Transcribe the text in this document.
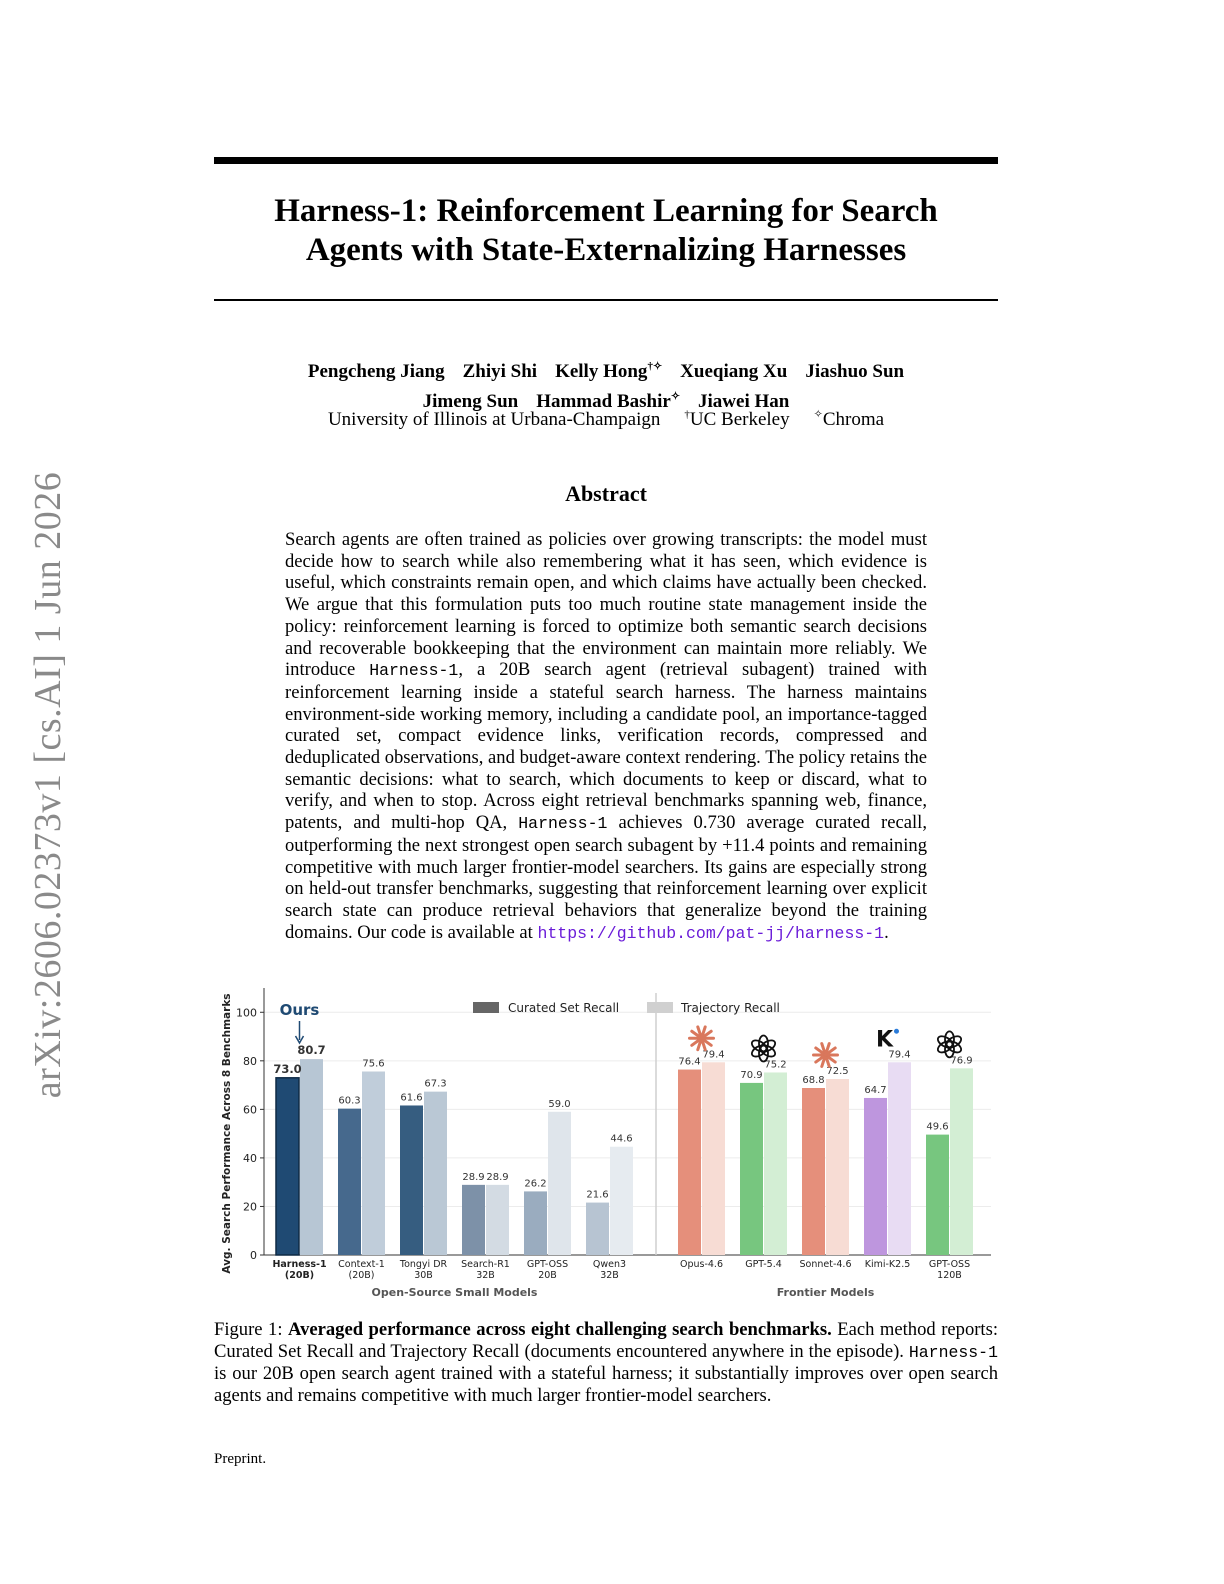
arXiv:2606.02373v1 [cs.AI] 1 Jun 2026
Harness-1: Reinforcement Learning for Search
Agents with State-Externalizing Harnesses
Pengcheng Jiang Zhiyi Shi Kelly Hong†✧ Xueqiang Xu Jiashuo Sun
Jimeng Sun Hammad Bashir✧ Jiawei Han
University of Illinois at Urbana-Champaign †UC Berkeley ✧Chroma
Abstract
Search agents are often trained as policies over growing transcripts: the model must decide how to search while also remembering what it has seen, which evidence is useful, which constraints remain open, and which claims have actually been checked. We argue that this formulation puts too much routine state management inside the policy: reinforcement learning is forced to optimize both semantic search decisions and recoverable bookkeeping that the environment can maintain more reliably. We introduce Harness-1, a 20B search agent (retrieval subagent) trained with reinforcement learning inside a stateful search harness. The harness maintains environment-side working memory, including a candidate pool, an importance-tagged curated set, compact evidence links, verification records, compressed and deduplicated observations, and budget-aware context rendering. The policy retains the semantic decisions: what to search, which documents to keep or discard, what to verify, and when to stop. Across eight retrieval benchmarks spanning web, finance, patents, and multi-hop QA, Harness-1 achieves 0.730 average curated recall, outperforming the next strongest open search subagent by +11.4 points and remaining competitive with much larger frontier-model searchers. Its gains are especially strong on held-out transfer benchmarks, suggesting that reinforcement learning over explicit search state can produce retrieval behaviors that generalize beyond the training domains. Our code is available at https://github.com/pat-jj/harness-1.
0
20
40
60
80
100
Avg. Search Performance Across 8 Benchmarks	Curated Set Recall	Trajectory Recall
73.0
80.7
Harness-1
(20B)
60.3
75.6
Context-1
(20B)
61.6
67.3
Tongyi DR
30B
28.9 28.9
Search-R1
32B
26.2
59.0
GPT-OSS
20B
21.6
44.6
Qwen3
32B
Open-Source Small Models
76.4
79.4
Opus-4.6
70.9
75.2
GPT-5.4
68.8
72.5
Sonnet-4.6
64.7
79.4
Kimi-K2.5
49.6
76.9
GPT-OSS
120B
Frontier Models
Ours
K
Figure 1: Averaged performance across eight challenging search benchmarks. Each method reports: Curated Set Recall and Trajectory Recall (documents encountered anywhere in the episode). Harness-1 is our 20B open search agent trained with a stateful harness; it substantially improves over open search agents and remains competitive with much larger frontier-model searchers.
Preprint.
